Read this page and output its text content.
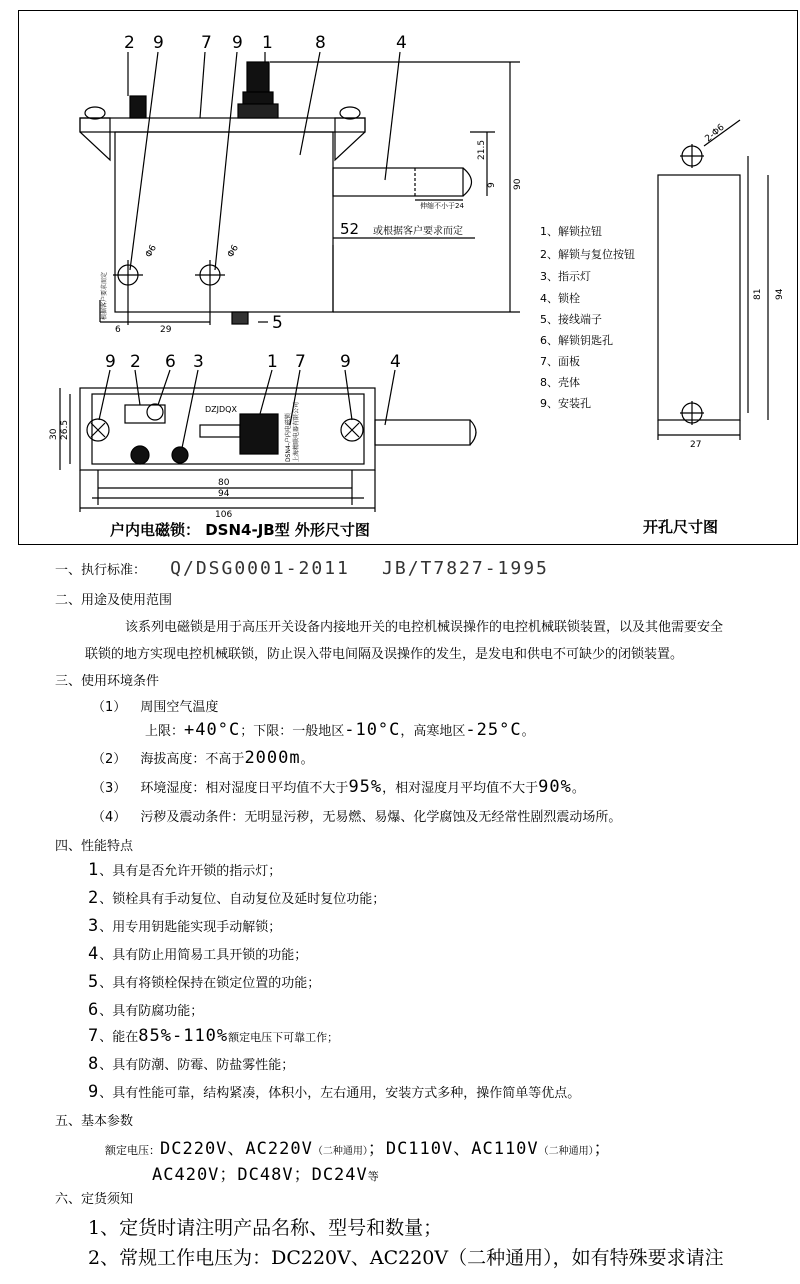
2 9 7 9 1 8	4
5
9 2 6 3	1 7 9 4
52 或根据客户要求而定
90
21.5
9
伸缩不小于24
Φ6	Φ6
6	29
根据客户要求而定
30 26.5
80
94
106
DZJDQX
DSN4-户内电磁锁 上海精联电器有限公司
2-Φ6
81 94
27
1、解锁拉钮
2、解锁与复位按钮
3、指示灯
4、锁栓
5、接线端子
6、解锁钥匙孔
7、面板
8、壳体
9、安装孔
户内电磁锁： DSN4-JB型 外形尺寸图	开孔尺寸图
一、执行标准： Q/DSG0001-2011 JB/T7827-1995
二、用途及使用范围
该系列电磁锁是用于高压开关设备内接地开关的电控机械误操作的电控机械联锁装置，以及其他需要安全
联锁的地方实现电控机械联锁，防止误入带电间隔及误操作的发生，是发电和供电不可缺少的闭锁装置。
三、使用环境条件
（1） 周围空气温度
上限：+40°C；下限：一般地区-10°C，高寒地区-25°C。
（2） 海拔高度：不高于2000m。
（3） 环境湿度：相对湿度日平均值不大于95%，相对湿度月平均值不大于90%。
（4） 污秽及震动条件：无明显污秽，无易燃、易爆、化学腐蚀及无经常性剧烈震动场所。
四、性能特点
1、具有是否允许开锁的指示灯；
2、锁栓具有手动复位、自动复位及延时复位功能；
3、用专用钥匙能实现手动解锁；
4、具有防止用简易工具开锁的功能；
5、具有将锁栓保持在锁定位置的功能；
6、具有防腐功能；
7、能在85%-110%额定电压下可靠工作；
8、具有防潮、防霉、防盐雾性能；
9、具有性能可靠，结构紧凑，体积小，左右通用，安装方式多种，操作简单等优点。
五、基本参数
额定电压：DC220V、AC220V（二种通用）；DC110V、AC110V（二种通用）；
AC420V；DC48V；DC24V等
六、定货须知
1、定货时请注明产品名称、型号和数量；
2、常规工作电压为：DC220V、AC220V（二种通用），如有特殊要求请注
